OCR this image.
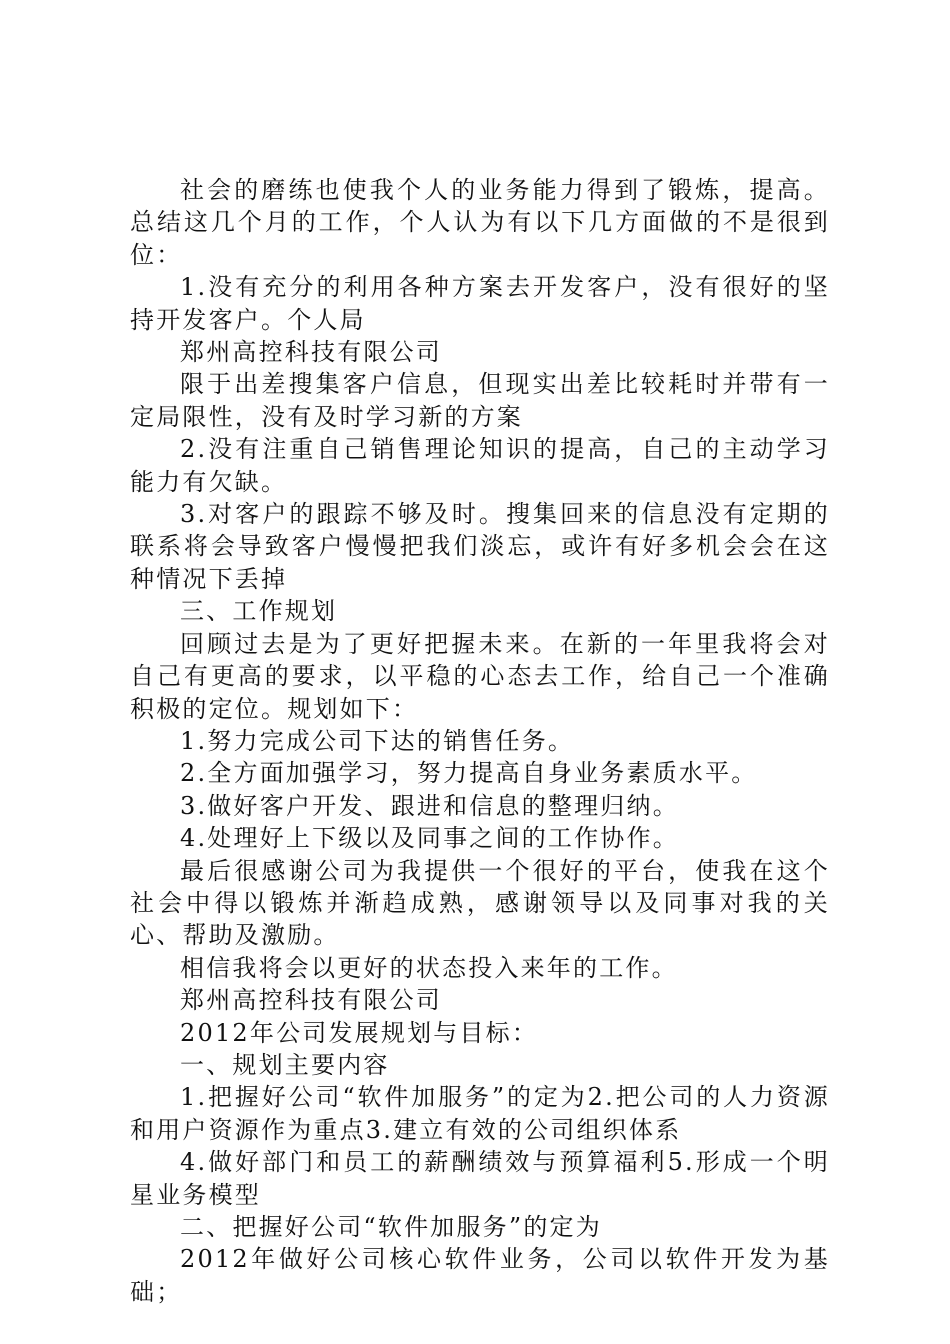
社会的磨练也使我个人的业务能力得到了锻炼，提高。总结这几个月的工作，个人认为有以下几方面做的不是很到位：

1.没有充分的利用各种方案去开发客户，没有很好的坚持开发客户。个人局

郑州高控科技有限公司

限于出差搜集客户信息，但现实出差比较耗时并带有一定局限性，没有及时学习新的方案

2.没有注重自己销售理论知识的提高，自己的主动学习能力有欠缺。

3.对客户的跟踪不够及时。搜集回来的信息没有定期的联系将会导致客户慢慢把我们淡忘，或许有好多机会会在这种情况下丢掉

三、工作规划

回顾过去是为了更好把握未来。在新的一年里我将会对自己有更高的要求，以平稳的心态去工作，给自己一个准确积极的定位。规划如下：

1.努力完成公司下达的销售任务。

2.全方面加强学习，努力提高自身业务素质水平。

3.做好客户开发、跟进和信息的整理归纳。

4.处理好上下级以及同事之间的工作协作。

最后很感谢公司为我提供一个很好的平台，使我在这个社会中得以锻炼并渐趋成熟，感谢领导以及同事对我的关心、帮助及激励。

相信我将会以更好的状态投入来年的工作。

郑州高控科技有限公司

2012年公司发展规划与目标：

一、规划主要内容

1.把握好公司“软件加服务”的定为2.把公司的人力资源和用户资源作为重点3.建立有效的公司组织体系

4.做好部门和员工的薪酬绩效与预算福利5.形成一个明星业务模型

二、把握好公司“软件加服务”的定为

2012年做好公司核心软件业务，公司以软件开发为基础；
